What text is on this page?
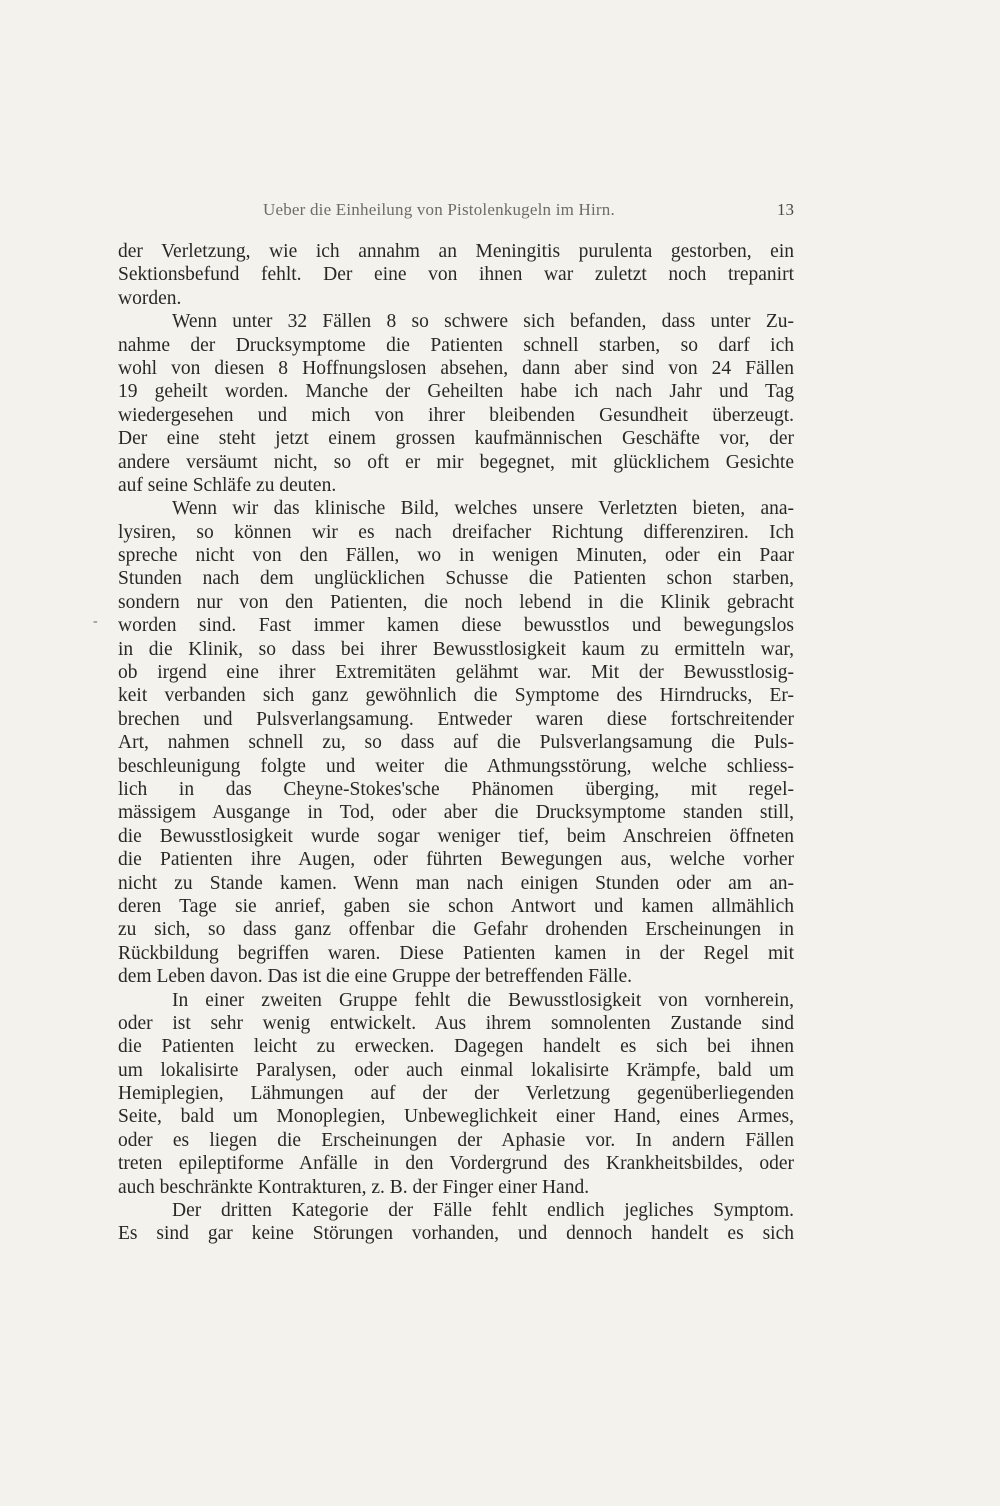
Ueber die Einheilung von Pistolenkugeln im Hirn.	13
-
der Verletzung, wie ich annahm an Meningitis purulenta gestorben, ein
Sektionsbefund fehlt. Der eine von ihnen war zuletzt noch trepanirt
worden.
Wenn unter 32 Fällen 8 so schwere sich befanden, dass unter Zu-
nahme der Drucksymptome die Patienten schnell starben, so darf ich
wohl von diesen 8 Hoffnungslosen absehen, dann aber sind von 24 Fällen
19 geheilt worden. Manche der Geheilten habe ich nach Jahr und Tag
wiedergesehen und mich von ihrer bleibenden Gesundheit überzeugt.
Der eine steht jetzt einem grossen kaufmännischen Geschäfte vor, der
andere versäumt nicht, so oft er mir begegnet, mit glücklichem Gesichte
auf seine Schläfe zu deuten.
Wenn wir das klinische Bild, welches unsere Verletzten bieten, ana-
lysiren, so können wir es nach dreifacher Richtung differenziren. Ich
spreche nicht von den Fällen, wo in wenigen Minuten, oder ein Paar
Stunden nach dem unglücklichen Schusse die Patienten schon starben,
sondern nur von den Patienten, die noch lebend in die Klinik gebracht
worden sind. Fast immer kamen diese bewusstlos und bewegungslos
in die Klinik, so dass bei ihrer Bewusstlosigkeit kaum zu ermitteln war,
ob irgend eine ihrer Extremitäten gelähmt war. Mit der Bewusstlosig-
keit verbanden sich ganz gewöhnlich die Symptome des Hirndrucks, Er-
brechen und Pulsverlangsamung. Entweder waren diese fortschreitender
Art, nahmen schnell zu, so dass auf die Pulsverlangsamung die Puls-
beschleunigung folgte und weiter die Athmungsstörung, welche schliess-
lich in das Cheyne-Stokes'sche Phänomen überging, mit regel-
mässigem Ausgange in Tod, oder aber die Drucksymptome standen still,
die Bewusstlosigkeit wurde sogar weniger tief, beim Anschreien öffneten
die Patienten ihre Augen, oder führten Bewegungen aus, welche vorher
nicht zu Stande kamen. Wenn man nach einigen Stunden oder am an-
deren Tage sie anrief, gaben sie schon Antwort und kamen allmählich
zu sich, so dass ganz offenbar die Gefahr drohenden Erscheinungen in
Rückbildung begriffen waren. Diese Patienten kamen in der Regel mit
dem Leben davon. Das ist die eine Gruppe der betreffenden Fälle.
In einer zweiten Gruppe fehlt die Bewusstlosigkeit von vornherein,
oder ist sehr wenig entwickelt. Aus ihrem somnolenten Zustande sind
die Patienten leicht zu erwecken. Dagegen handelt es sich bei ihnen
um lokalisirte Paralysen, oder auch einmal lokalisirte Krämpfe, bald um
Hemiplegien, Lähmungen auf der der Verletzung gegenüberliegenden
Seite, bald um Monoplegien, Unbeweglichkeit einer Hand, eines Armes,
oder es liegen die Erscheinungen der Aphasie vor. In andern Fällen
treten epileptiforme Anfälle in den Vordergrund des Krankheitsbildes, oder
auch beschränkte Kontrakturen, z. B. der Finger einer Hand.
Der dritten Kategorie der Fälle fehlt endlich jegliches Symptom.
Es sind gar keine Störungen vorhanden, und dennoch handelt es sich
